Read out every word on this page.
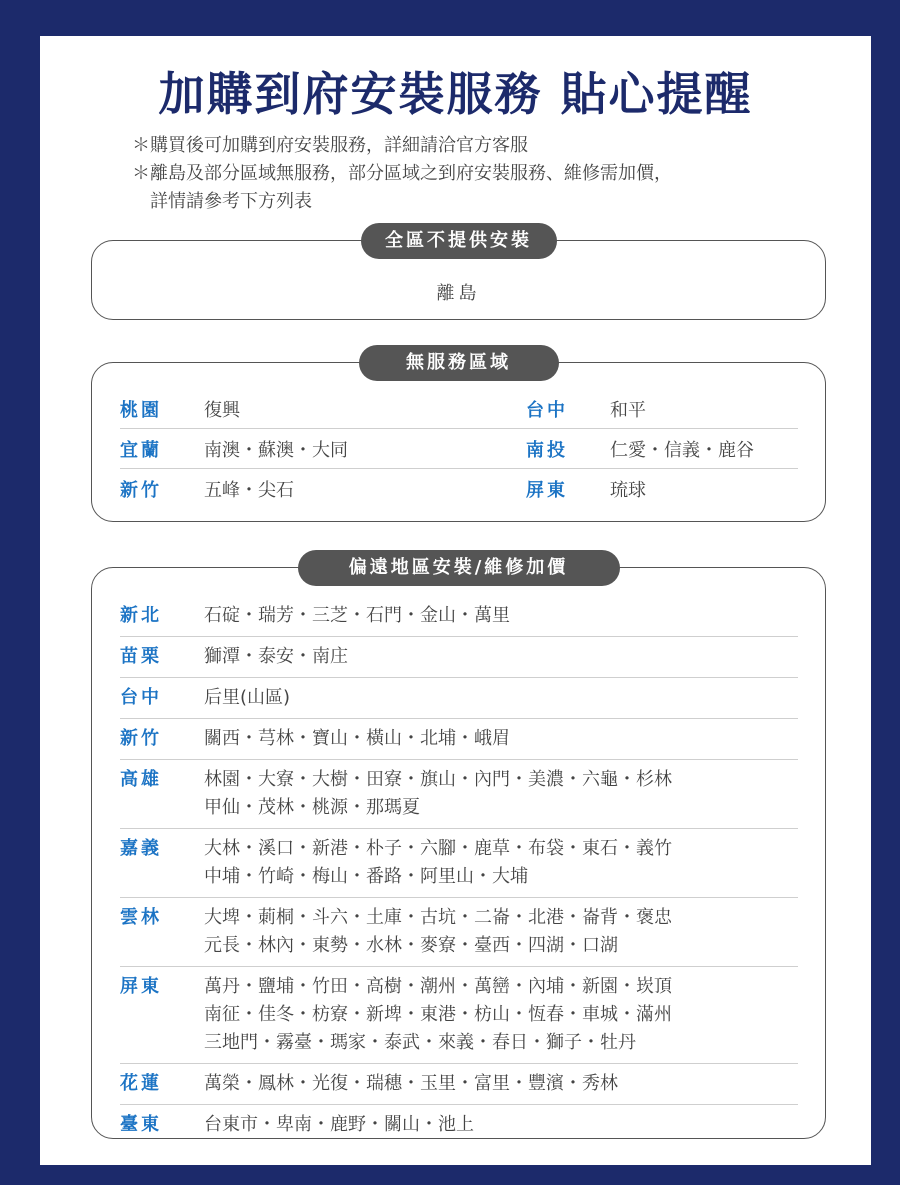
加購到府安裝服務 貼心提醒
＊ 購買後可加購到府安裝服務，詳細請洽官方客服
＊ 離島及部分區域無服務，部分區域之到府安裝服務、維修需加價，
詳情請參考下方列表
全區不提供安裝
離島
無服務區域
桃園	復興	台中	和平
宜蘭	南澳・蘇澳・大同	南投	仁愛・信義・鹿谷
新竹	五峰・尖石	屏東	琉球
偏遠地區安裝/維修加價
新北	石碇・瑞芳・三芝・石門・金山・萬里
苗栗	獅潭・泰安・南庄
台中	后里(山區)
新竹	關西・芎林・寶山・橫山・北埔・峨眉
高雄	林園・大寮・大樹・田寮・旗山・內門・美濃・六龜・杉林
甲仙・茂林・桃源・那瑪夏
嘉義	大林・溪口・新港・朴子・六腳・鹿草・布袋・東石・義竹
中埔・竹崎・梅山・番路・阿里山・大埔
雲林	大埤・莿桐・斗六・土庫・古坑・二崙・北港・崙背・褒忠
元長・林內・東勢・水林・麥寮・臺西・四湖・口湖
屏東	萬丹・鹽埔・竹田・高樹・潮州・萬巒・內埔・新園・崁頂
南征・佳冬・枋寮・新埤・東港・枋山・恆春・車城・滿州
三地門・霧臺・瑪家・泰武・來義・春日・獅子・牡丹
花蓮	萬榮・鳳林・光復・瑞穗・玉里・富里・豐濱・秀林
臺東	台東市・卑南・鹿野・關山・池上
